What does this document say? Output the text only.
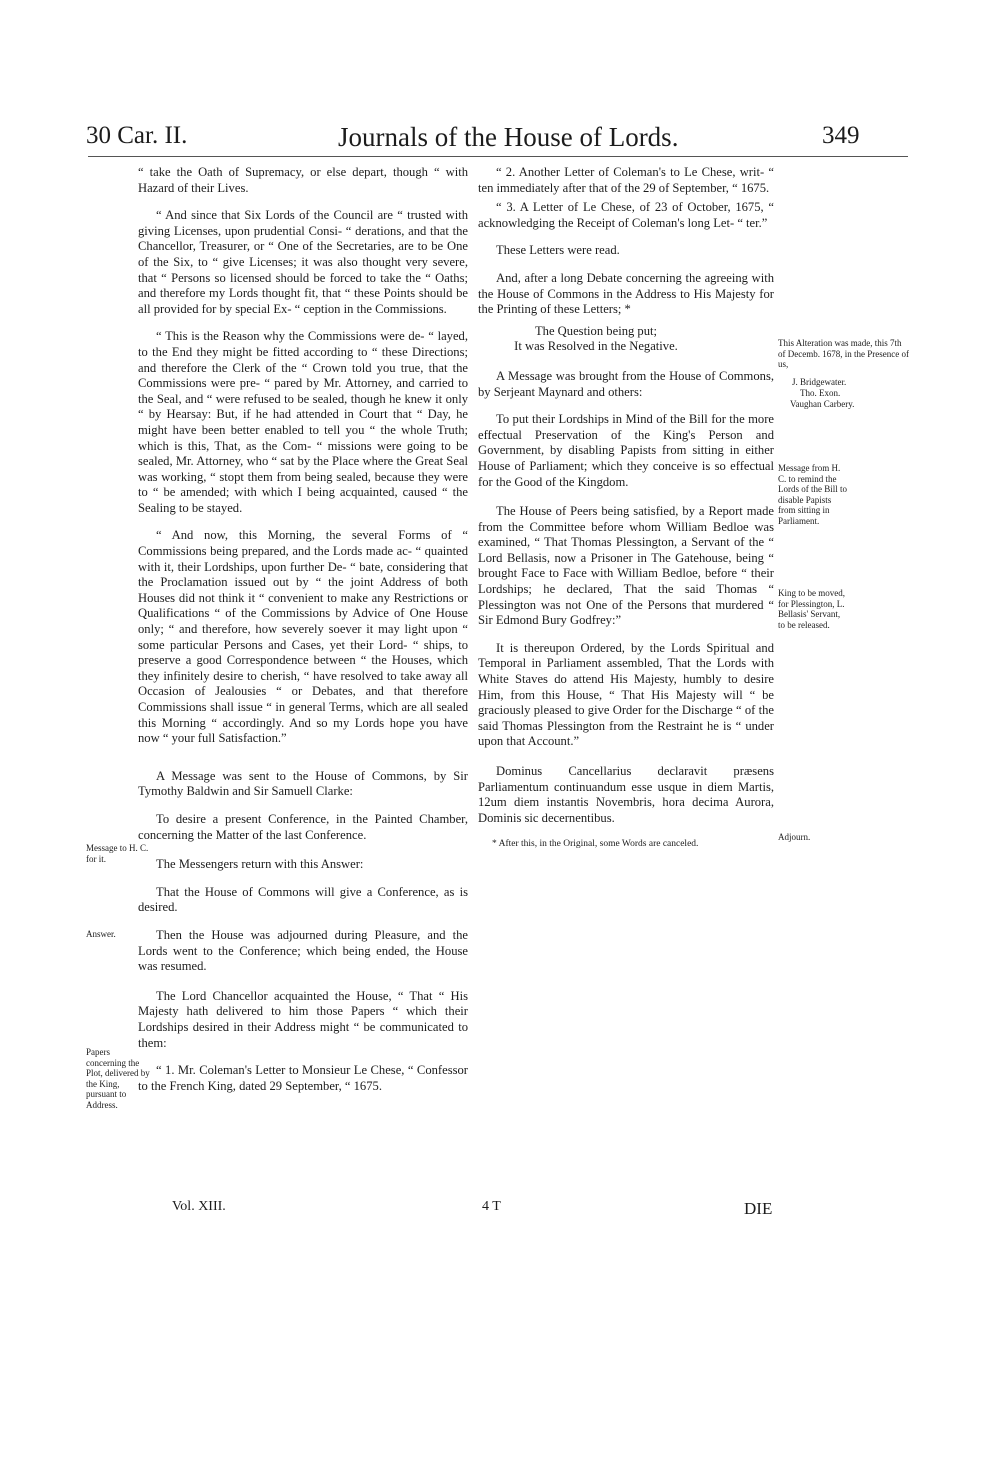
30 Car. II.	Journals of the House of Lords.	349

“ take the Oath of Supremacy, or else depart, though “ with Hazard of their Lives.

“ And since that Six Lords of the Council are “ trusted with giving Licenses, upon prudential Consi- “ derations, and that the Chancellor, Treasurer, or “ One of the Secretaries, are to be One of the Six, to “ give Licenses; it was also thought very severe, that “ Persons so licensed should be forced to take the “ Oaths; and therefore my Lords thought fit, that “ these Points should be all provided for by special Ex- “ ception in the Commissions.

“ This is the Reason why the Commissions were de- “ layed, to the End they might be fitted according to “ these Directions; and therefore the Clerk of the “ Crown told you true, that the Commissions were pre- “ pared by Mr. Attorney, and carried to the Seal, and “ were refused to be sealed, though he knew it only “ by Hearsay: But, if he had attended in Court that “ Day, he might have been better enabled to tell you “ the whole Truth; which is this, That, as the Com- “ missions were going to be sealed, Mr. Attorney, who “ sat by the Place where the Great Seal was working, “ stopt them from being sealed, because they were to “ be amended; with which I being acquainted, caused “ the Sealing to be stayed.

“ And now, this Morning, the several Forms of “ Commissions being prepared, and the Lords made ac- “ quainted with it, their Lordships, upon further De- “ bate, considering that the Proclamation issued out by “ the joint Address of both Houses did not think it “ convenient to make any Restrictions or Qualifications “ of the Commissions by Advice of One House only; “ and therefore, how severely soever it may light upon “ some particular Persons and Cases, yet their Lord- “ ships, to preserve a good Correspondence between “ the Houses, which they infinitely desire to cherish, “ have resolved to take away all Occasion of Jealousies “ or Debates, and that therefore Commissions shall issue “ in general Terms, which are all sealed this Morning “ accordingly. And so my Lords hope you have now “ your full Satisfaction.”

A Message was sent to the House of Commons, by Sir Tymothy Baldwin and Sir Samuell Clarke:

To desire a present Conference, in the Painted Chamber, concerning the Matter of the last Conference.

The Messengers return with this Answer:

That the House of Commons will give a Conference, as is desired.

Then the House was adjourned during Pleasure, and the Lords went to the Conference; which being ended, the House was resumed.

The Lord Chancellor acquainted the House, “ That “ His Majesty hath delivered to him those Papers “ which their Lordships desired in their Address might “ be communicated to them:

“ 1. Mr. Coleman's Letter to Monsieur Le Chese, “ Confessor to the French King, dated 29 September, “ 1675.

“ 2. Another Letter of Coleman's to Le Chese, writ- “ ten immediately after that of the 29 of September, “ 1675.

“ 3. A Letter of Le Chese, of 23 of October, 1675, “ acknowledging the Receipt of Coleman's long Let- “ ter.”

These Letters were read.

And, after a long Debate concerning the agreeing with the House of Commons in the Address to His Majesty for the Printing of these Letters; *

The Question being put;

It was Resolved in the Negative.

A Message was brought from the House of Commons, by Serjeant Maynard and others:

To put their Lordships in Mind of the Bill for the more effectual Preservation of the King's Person and Government, by disabling Papists from sitting in either House of Parliament; which they conceive is so effectual for the Good of the Kingdom.

The House of Peers being satisfied, by a Report made from the Committee before whom William Bedloe was examined, “ That Thomas Plessington, a Servant of the “ Lord Bellasis, now a Prisoner in The Gatehouse, being “ brought Face to Face with William Bedloe, before “ their Lordships; he declared, That the said Thomas “ Plessington was not One of the Persons that murdered “ Sir Edmond Bury Godfrey:”

It is thereupon Ordered, by the Lords Spiritual and Temporal in Parliament assembled, That the Lords with White Staves do attend His Majesty, humbly to desire Him, from this House, “ That His Majesty will “ be graciously pleased to give Order for the Discharge “ of the said Thomas Plessington from the Restraint he is “ under upon that Account.”

Dominus Cancellarius declaravit præsens Parliamentum continuandum esse usque in diem Martis, 12um diem instantis Novembris, hora decima Aurora, Dominis sic decernentibus.

* After this, in the Original, some Words are canceled.

Message to H. C. for it.
Answer.
Papers concerning the Plot, delivered by the King, pursuant to Address.
This Alteration was made, this 7th of Decemb. 1678, in the Presence of us,
J. Bridgewater.
Tho. Exon.
Vaughan Carbery.
Message from H. C. to remind the Lords of the Bill to disable Papists from sitting in Parliament.
King to be moved, for Plessington, L. Bellasis' Servant, to be released.
Adjourn.
Vol. XIII.	4 T	DIE
